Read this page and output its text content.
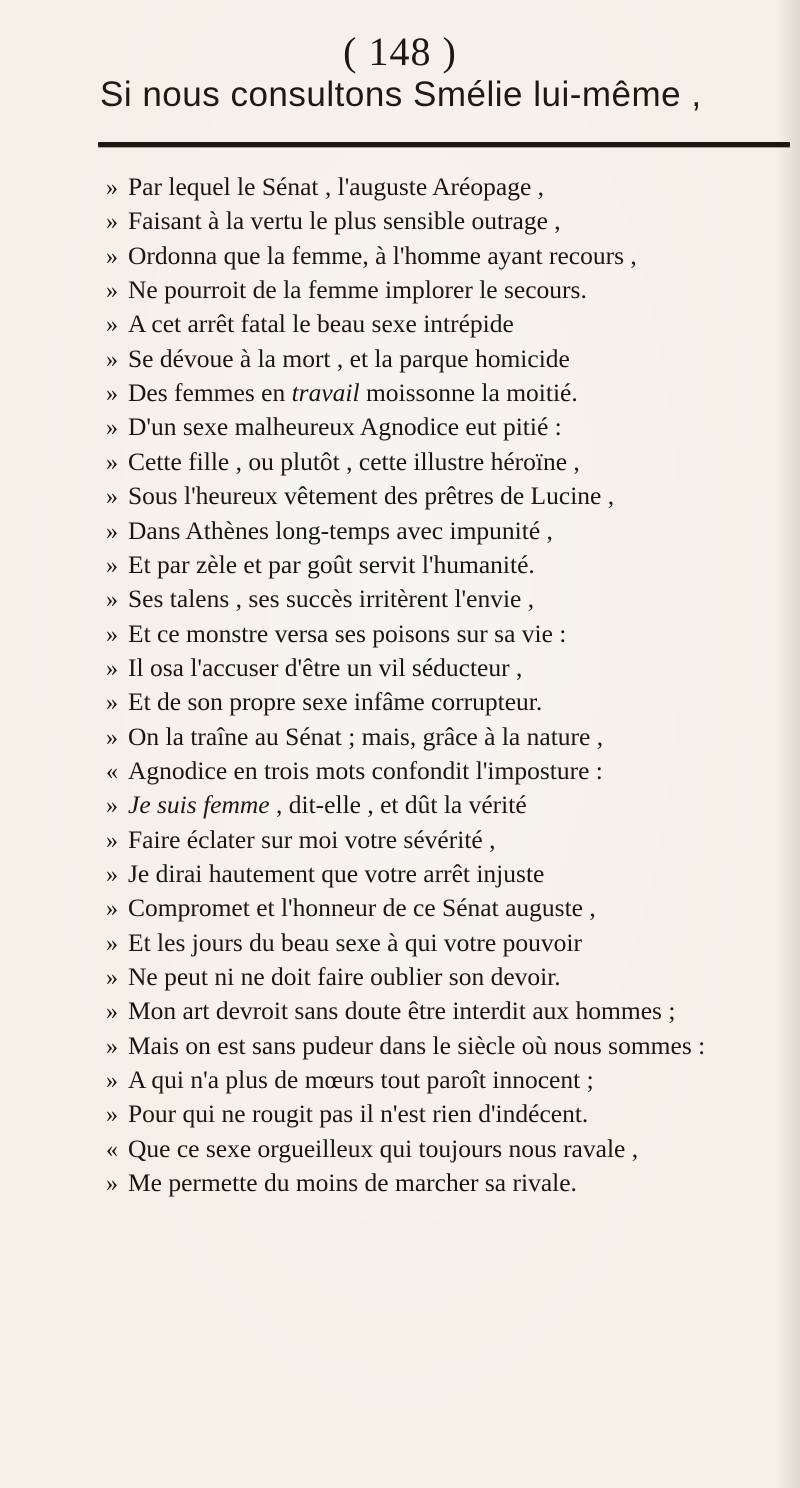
( 148 )
Si nous consultons Smélie lui-même ,
» Par lequel le Sénat , l'auguste Aréopage ,
» Faisant à la vertu le plus sensible outrage ,
» Ordonna que la femme, à l'homme ayant recours ,
» Ne pourroit de la femme implorer le secours.
» A cet arrêt fatal le beau sexe intrépide
» Se dévoue à la mort , et la parque homicide
» Des femmes en travail moissonne la moitié.
» D'un sexe malheureux Agnodice eut pitié :
» Cette fille , ou plutôt , cette illustre héroïne ,
» Sous l'heureux vêtement des prêtres de Lucine ,
» Dans Athènes long-temps avec impunité ,
» Et par zèle et par goût servit l'humanité.
» Ses talens , ses succès irritèrent l'envie ,
» Et ce monstre versa ses poisons sur sa vie :
» Il osa l'accuser d'être un vil séducteur ,
» Et de son propre sexe infâme corrupteur.
» On la traîne au Sénat ; mais, grâce à la nature ,
« Agnodice en trois mots confondit l'imposture :
» Je suis femme , dit-elle , et dût la vérité
» Faire éclater sur moi votre sévérité ,
» Je dirai hautement que votre arrêt injuste
» Compromet et l'honneur de ce Sénat auguste ,
» Et les jours du beau sexe à qui votre pouvoir
» Ne peut ni ne doit faire oublier son devoir.
» Mon art devroit sans doute être interdit aux hommes ;
» Mais on est sans pudeur dans le siècle où nous sommes :
» A qui n'a plus de mœurs tout paroît innocent ;
» Pour qui ne rougit pas il n'est rien d'indécent.
« Que ce sexe orgueilleux qui toujours nous ravale ,
» Me permette du moins de marcher sa rivale.
